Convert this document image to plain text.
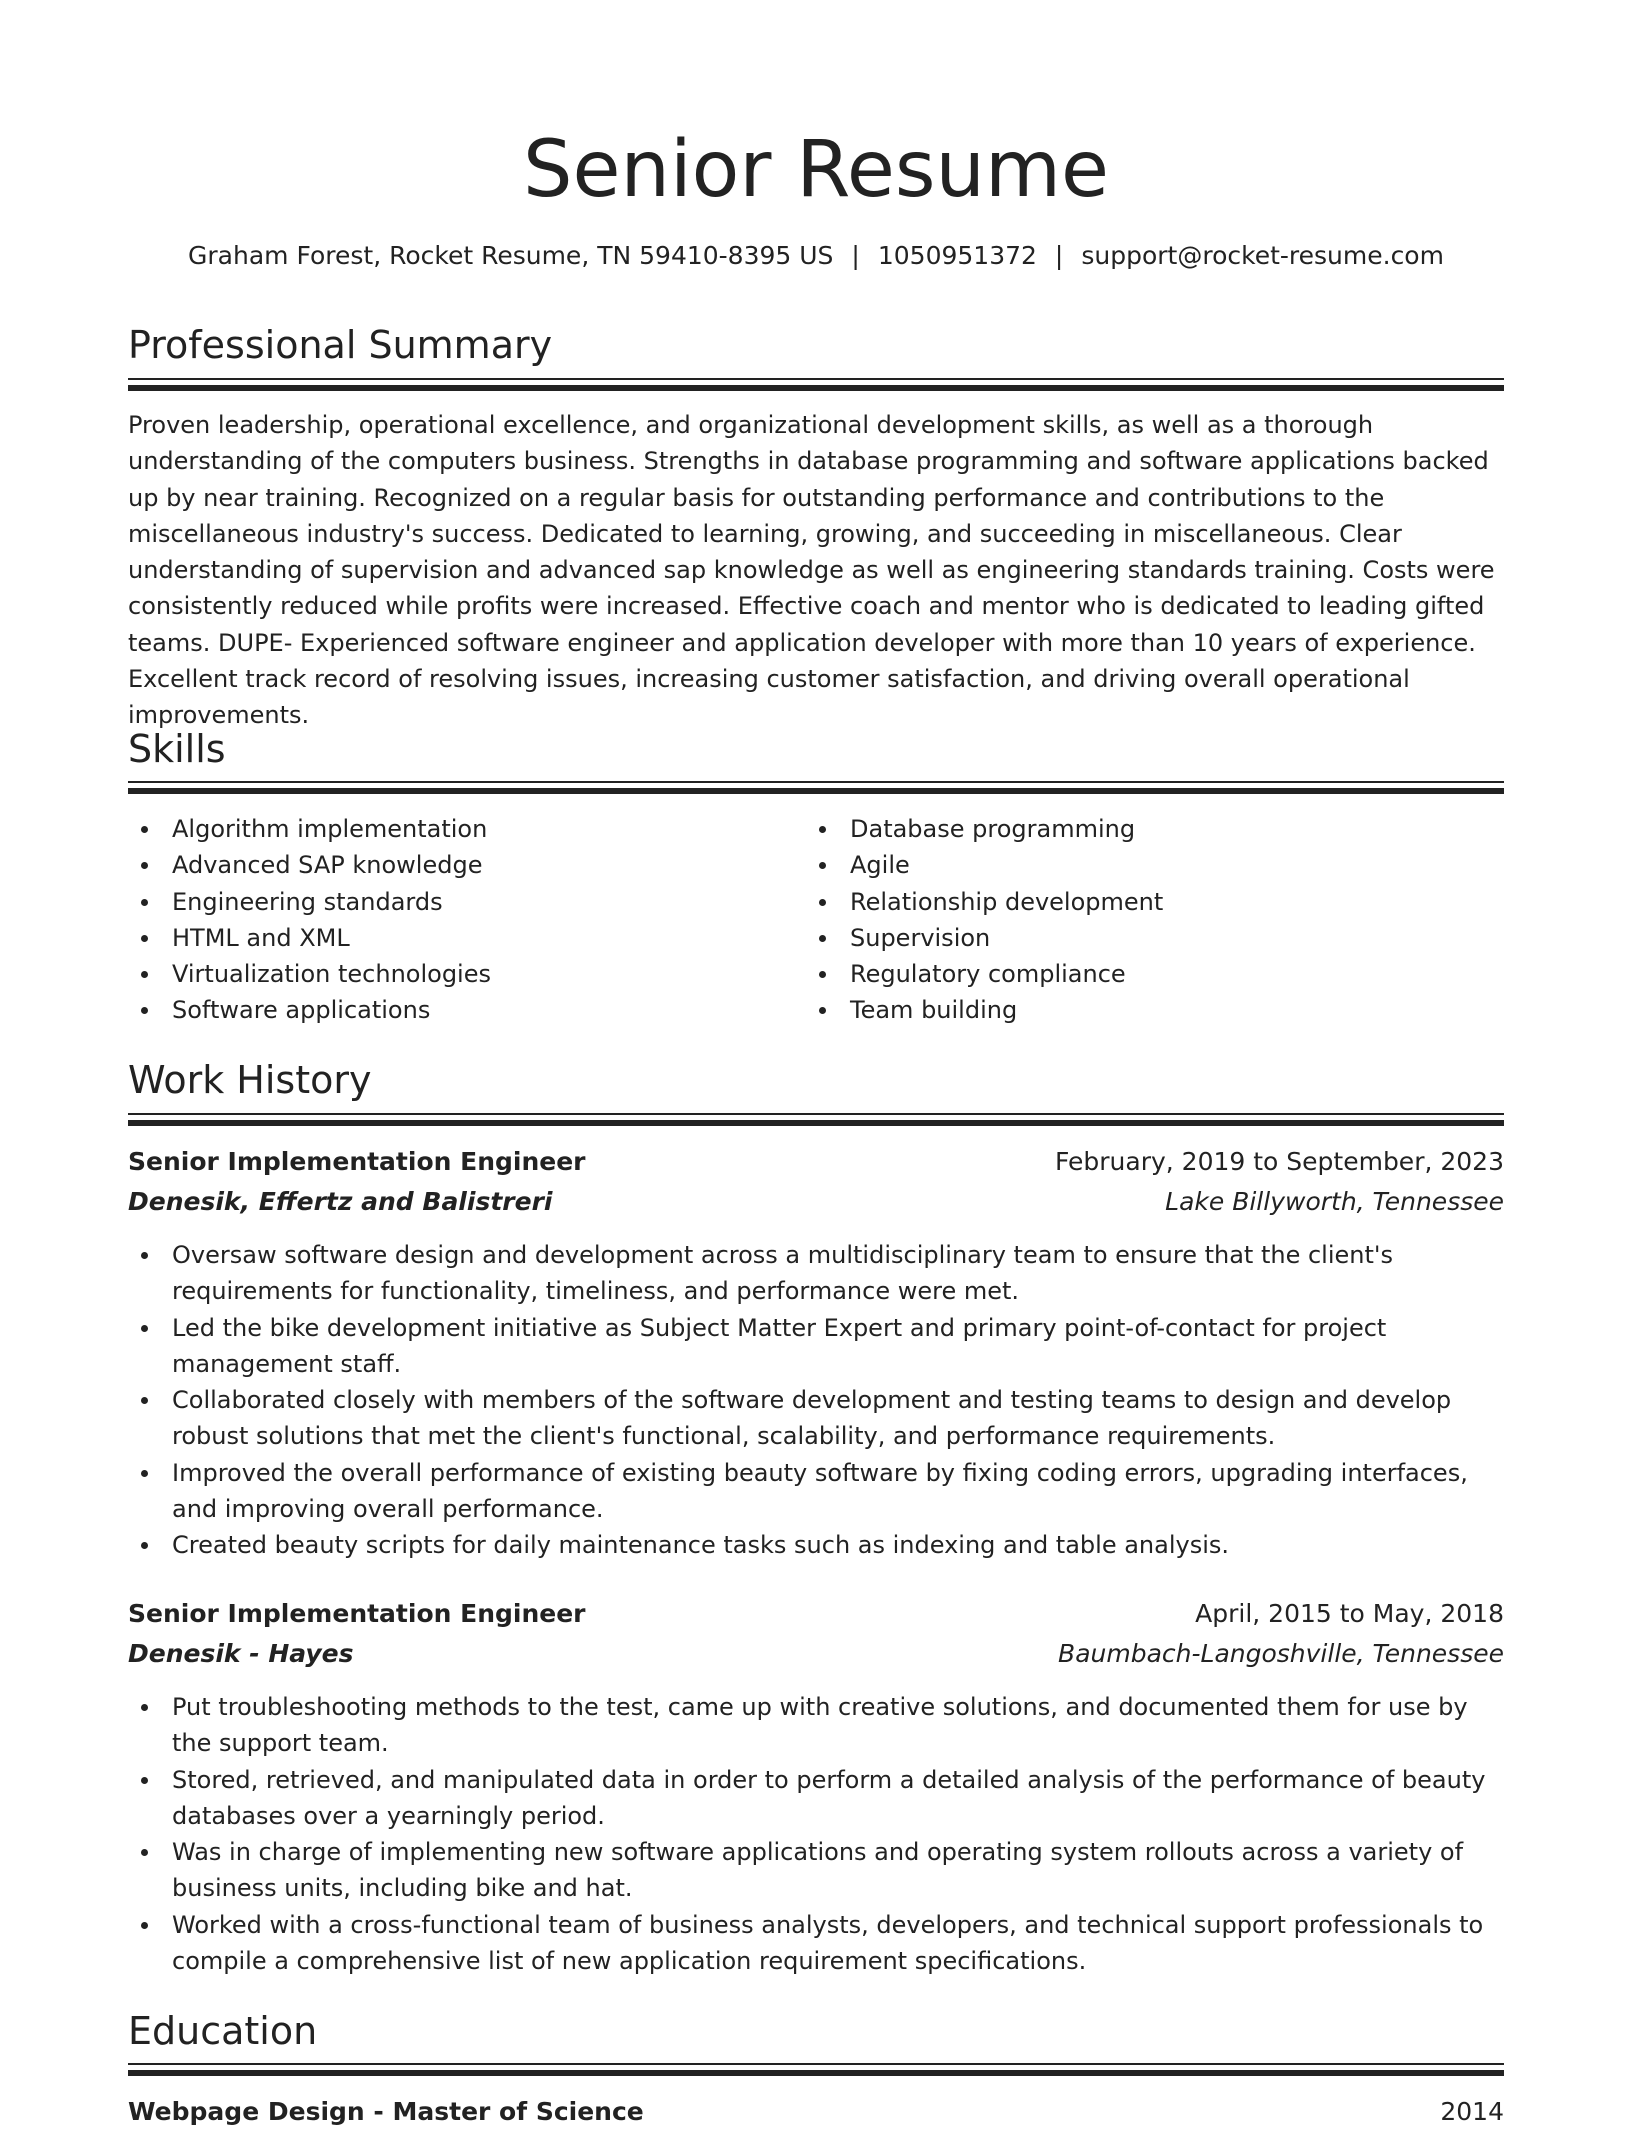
Senior Resume
Graham Forest, Rocket Resume, TN 59410-8395 US | 1050951372 | support@rocket-resume.com
Professional Summary

Proven leadership, operational excellence, and organizational development skills, as well as a thorough understanding of the computers business. Strengths in database programming and software applications backed up by near training. Recognized on a regular basis for outstanding performance and contributions to the miscellaneous industry's success. Dedicated to learning, growing, and succeeding in miscellaneous. Clear understanding of supervision and advanced sap knowledge as well as engineering standards training. Costs were consistently reduced while profits were increased. Effective coach and mentor who is dedicated to leading gifted teams. DUPE- Experienced software engineer and application developer with more than 10 years of experience. Excellent track record of resolving issues, increasing customer satisfaction, and driving overall operational improvements.

Skills
Algorithm implementation
Advanced SAP knowledge
Engineering standards
HTML and XML
Virtualization technologies
Software applications
Database programming
Agile
Relationship development
Supervision
Regulatory compliance
Team building
Work History
Senior Implementation Engineer	February, 2019 to September, 2023
Denesik, Effertz and Balistreri	Lake Billyworth, Tennessee
Oversaw software design and development across a multidisciplinary team to ensure that the client's requirements for functionality, timeliness, and performance were met.
Led the bike development initiative as Subject Matter Expert and primary point-of-contact for project management staff.
Collaborated closely with members of the software development and testing teams to design and develop robust solutions that met the client's functional, scalability, and performance requirements.
Improved the overall performance of existing beauty software by fixing coding errors, upgrading interfaces, and improving overall performance.
Created beauty scripts for daily maintenance tasks such as indexing and table analysis.
Senior Implementation Engineer	April, 2015 to May, 2018
Denesik - Hayes	Baumbach-Langoshville, Tennessee
Put troubleshooting methods to the test, came up with creative solutions, and documented them for use by the support team.
Stored, retrieved, and manipulated data in order to perform a detailed analysis of the performance of beauty databases over a yearningly period.
Was in charge of implementing new software applications and operating system rollouts across a variety of business units, including bike and hat.
Worked with a cross-functional team of business analysts, developers, and technical support professionals to compile a comprehensive list of new application requirement specifications.
Education
Webpage Design - Master of Science	2014
